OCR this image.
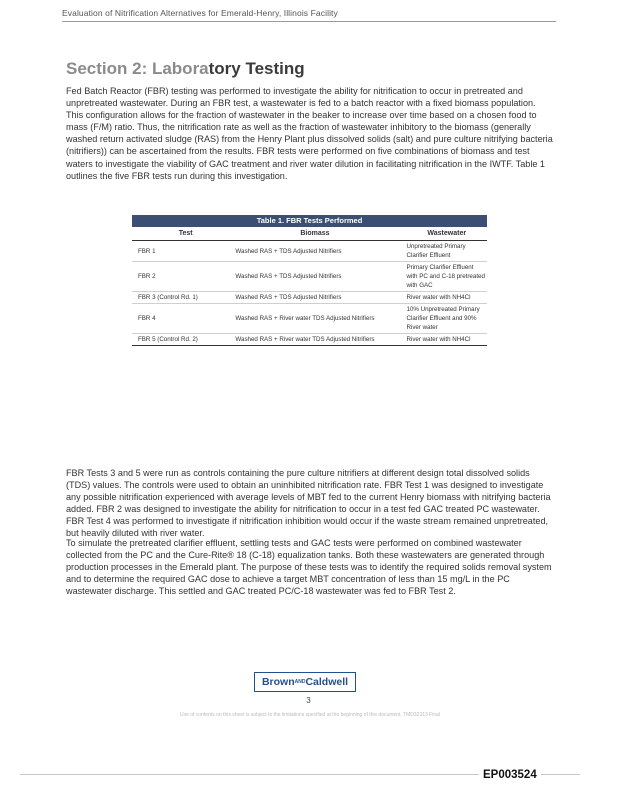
Evaluation of Nitrification Alternatives for Emerald-Henry, Illinois Facility
Section 2: Laboratory Testing

Fed Batch Reactor (FBR) testing was performed to investigate the ability for nitrification to occur in pretreated and unpretreated wastewater. During an FBR test, a wastewater is fed to a batch reactor with a fixed biomass population. This configuration allows for the fraction of wastewater in the beaker to increase over time based on a chosen food to mass (F/M) ratio. Thus, the nitrification rate as well as the fraction of wastewater inhibitory to the biomass (generally washed return activated sludge (RAS) from the Henry Plant plus dissolved solids (salt) and pure culture nitrifying bacteria (nitrifiers)) can be ascertained from the results. FBR tests were performed on five combinations of biomass and test waters to investigate the viability of GAC treatment and river water dilution in facilitating nitrification in the IWTF. Table 1 outlines the five FBR tests run during this investigation.

Table 1. FBR Tests Performed
Test	Biomass	Wastewater
FBR 1	Washed RAS + TDS Adjusted Nitrifiers	Unpretreated Primary Clarifier Effluent
FBR 2	Washed RAS + TDS Adjusted Nitrifiers	Primary Clarifier Effluent with PC and C-18 pretreated with GAC
FBR 3 (Control Rd. 1)	Washed RAS + TDS Adjusted Nitrifiers	River water with NH4Cl
FBR 4	Washed RAS + River water TDS Adjusted Nitrifiers	10% Unpretreated Primary Clarifier Effluent and 90% River water
FBR 5 (Control Rd. 2)	Washed RAS + River water TDS Adjusted Nitrifiers	River water with NH4Cl

FBR Tests 3 and 5 were run as controls containing the pure culture nitrifiers at different design total dissolved solids (TDS) values. The controls were used to obtain an uninhibited nitrification rate. FBR Test 1 was designed to investigate any possible nitrification experienced with average levels of MBT fed to the current Henry biomass with nitrifying bacteria added. FBR 2 was designed to investigate the ability for nitrification to occur in a test fed GAC treated PC wastewater. FBR Test 4 was performed to investigate if nitrification inhibition would occur if the waste stream remained unpretreated, but heavily diluted with river water.

To simulate the pretreated clarifier effluent, settling tests and GAC tests were performed on combined wastewater collected from the PC and the Cure-Rite® 18 (C-18) equalization tanks. Both these wastewaters are generated through production processes in the Emerald plant. The purpose of these tests was to identify the required solids removal system and to determine the required GAC dose to achieve a target MBT concentration of less than 15 mg/L in the PC wastewater discharge. This settled and GAC treated PC/C-18 wastewater was fed to FBR Test 2.

BrownANDCaldwell
3
Use of contents on this sheet is subject to the limitations specified at the beginning of this document. TMD32313 Final
EP003524
